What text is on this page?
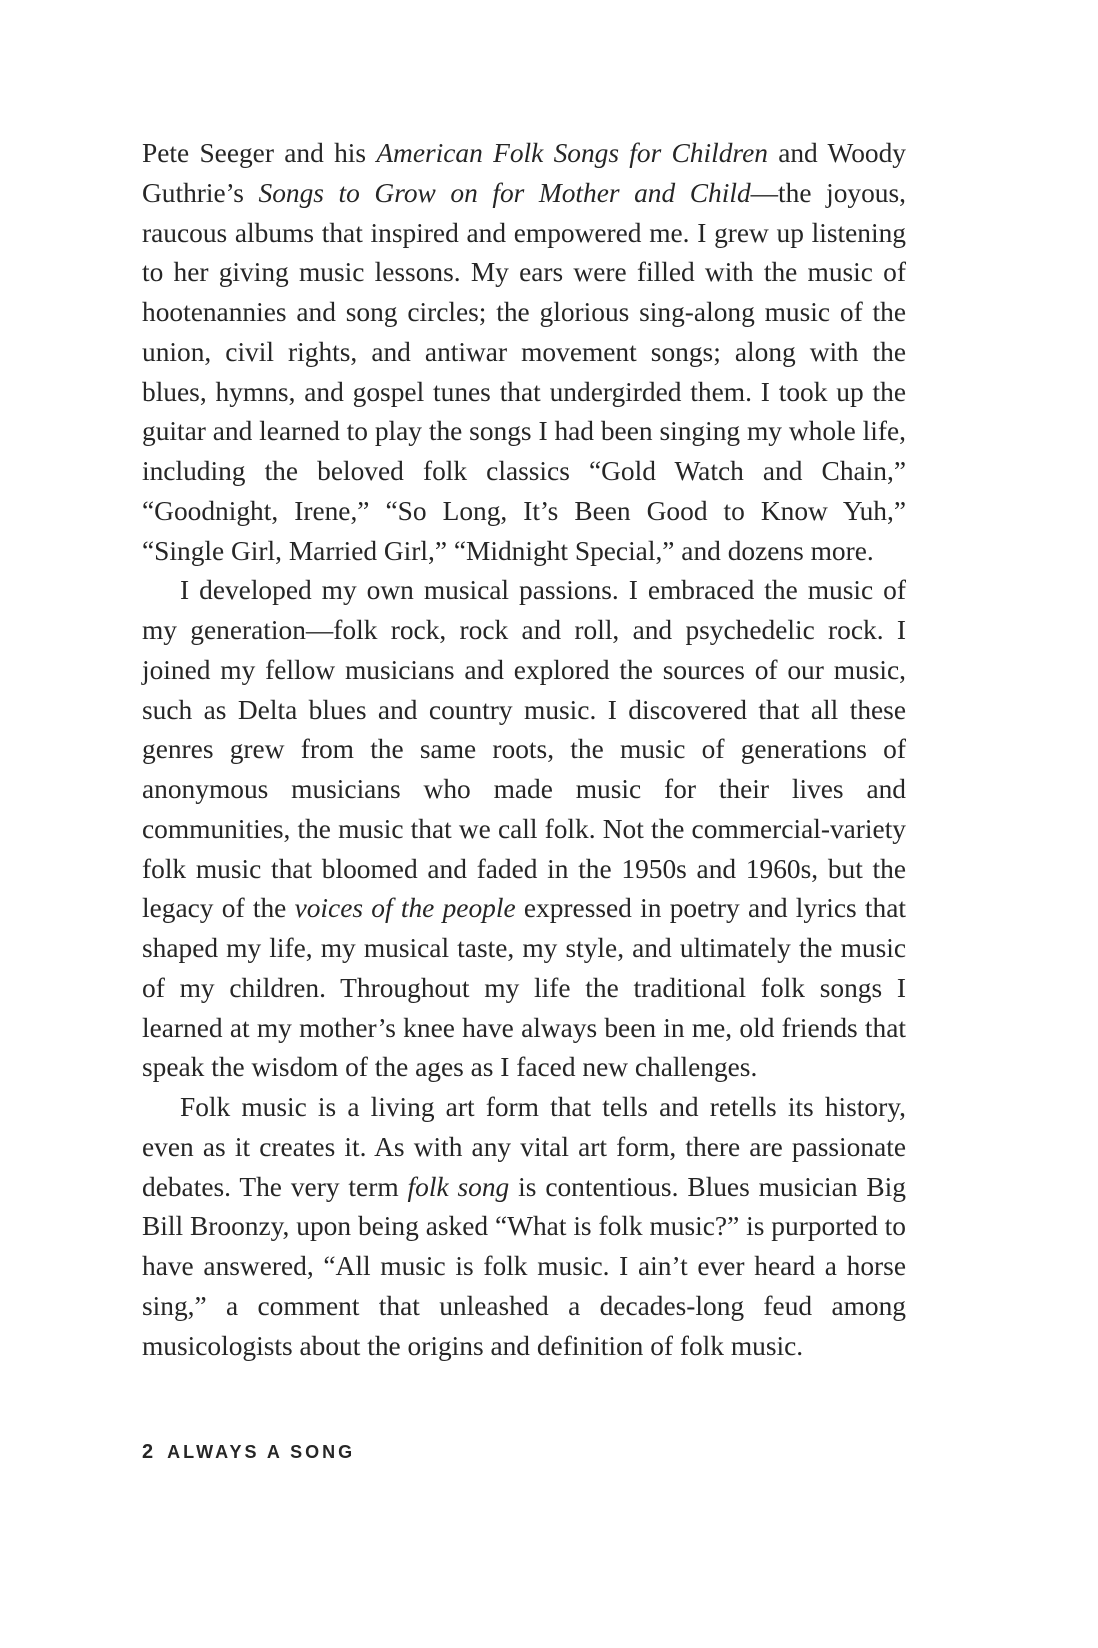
Pete Seeger and his American Folk Songs for Children and Woody Guthrie’s Songs to Grow on for Mother and Child—the joyous, raucous albums that inspired and empowered me. I grew up listening to her giving music lessons. My ears were filled with the music of hootenannies and song circles; the glorious sing-along music of the union, civil rights, and antiwar movement songs; along with the blues, hymns, and gospel tunes that undergirded them. I took up the guitar and learned to play the songs I had been singing my whole life, including the beloved folk classics “Gold Watch and Chain,” “Goodnight, Irene,” “So Long, It’s Been Good to Know Yuh,” “Single Girl, Married Girl,” “Midnight Special,” and dozens more.

I developed my own musical passions. I embraced the music of my generation—folk rock, rock and roll, and psychedelic rock. I joined my fellow musicians and explored the sources of our music, such as Delta blues and country music. I discovered that all these genres grew from the same roots, the music of generations of anonymous musicians who made music for their lives and communities, the music that we call folk. Not the commercial-variety folk music that bloomed and faded in the 1950s and 1960s, but the legacy of the voices of the people expressed in poetry and lyrics that shaped my life, my musical taste, my style, and ultimately the music of my children. Throughout my life the traditional folk songs I learned at my mother’s knee have always been in me, old friends that speak the wisdom of the ages as I faced new challenges.

Folk music is a living art form that tells and retells its history, even as it creates it. As with any vital art form, there are passionate debates. The very term folk song is contentious. Blues musician Big Bill Broonzy, upon being asked “What is folk music?” is purported to have answered, “All music is folk music. I ain’t ever heard a horse sing,” a comment that unleashed a decades-long feud among musicologists about the origins and definition of folk music.

2 ALWAYS A SONG
